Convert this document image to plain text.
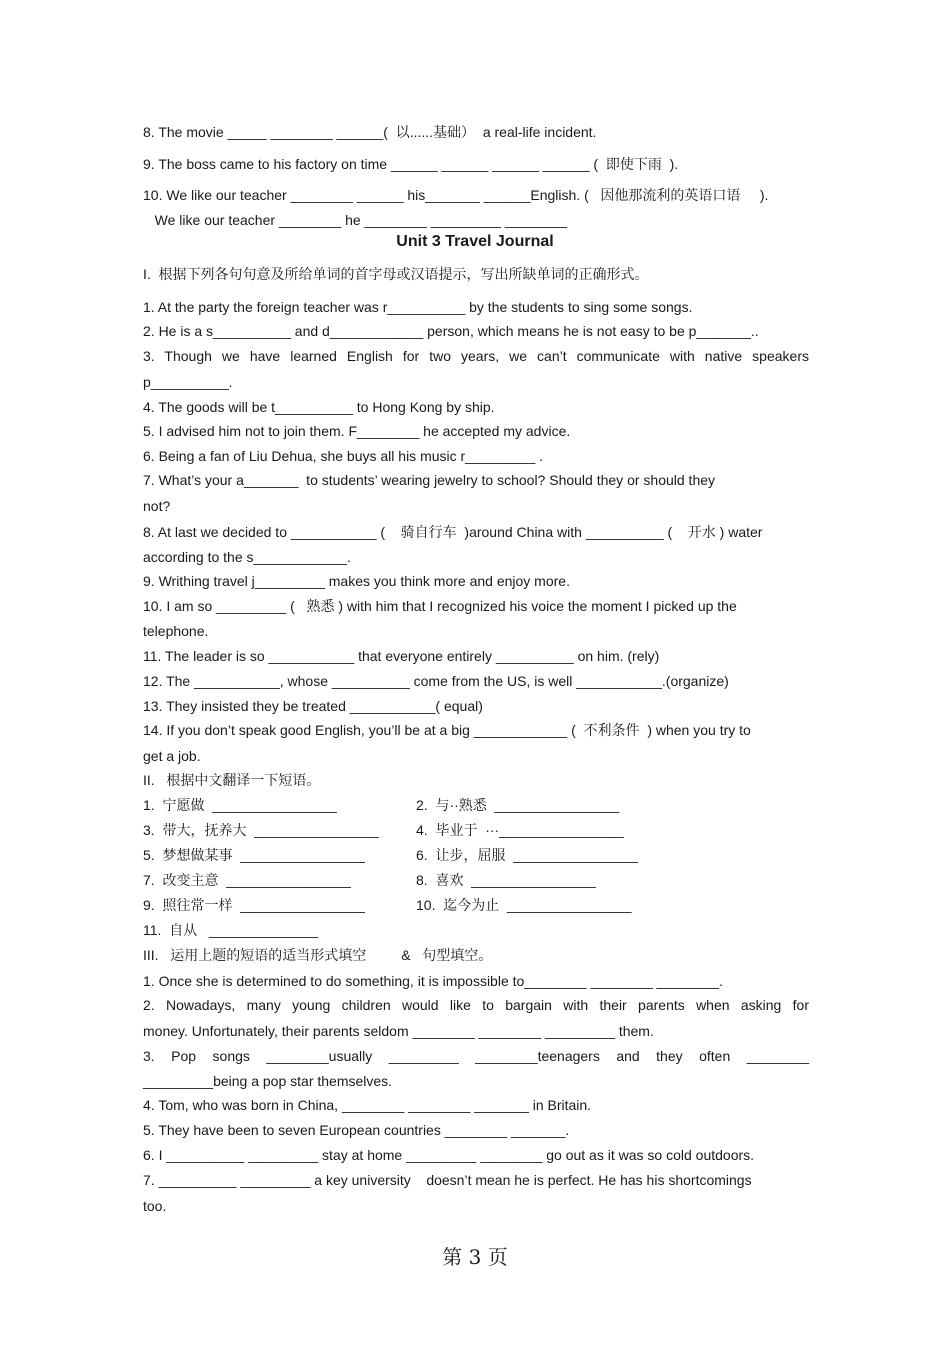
8. The movie _____ ________ ______(  以......基础）  a real-life incident.
9. The boss came to his factory on time ______ ______ ______ ______ (  即使下雨  ).
10. We like our teacher ________ ______ his_______ ______English. (   因他那流利的英语口语     ).
We like our teacher ________ he ________ _________ ________
Unit 3 Travel Journal
I.  根据下列各句句意及所给单词的首字母或汉语提示，写出所缺单词的正确形式。
1. At the party the foreign teacher was r__________ by the students to sing some songs.
2. He is a s__________ and d____________ person, which means he is not easy to be p_______..
3. Though we have learned English for two years, we can’t communicate with native speakers
p__________.
4. The goods will be t__________ to Hong Kong by ship.
5. I advised him not to join them. F________ he accepted my advice.
6. Being a fan of Liu Dehua, she buys all his music r_________ .
7. What’s your a_______  to students’ wearing jewelry to school? Should they or should they
not?
8. At last we decided to ___________ (    骑自行车  )around China with __________ (    开水 ) water
according to the s____________.
9. Writhing travel j_________ makes you think more and enjoy more.
10. I am so _________ (   熟悉 ) with him that I recognized his voice the moment I picked up the
telephone.
11. The leader is so ___________ that everyone entirely __________ on him. (rely)
12. The ___________, whose __________ come from the US, is well ___________.(organize)
13. They insisted they be treated ___________( equal)
14. If you don’t speak good English, you’ll be at a big ____________ (  不利条件  ) when you try to
get a job.
II.   根据中文翻译一下短语。
1.  宁愿做  ________________	2.  与··熟悉  ________________
3.  带大，抚养大  ________________	4.  毕业于  ···________________
5.  梦想做某事  ________________	6.  让步，屈服  ________________
7.  改变主意  ________________	8.  喜欢  ________________
9.  照往常一样  ________________	10.  迄今为止  ________________
11.  自从   ______________
III.   运用上题的短语的适当形式填空         &   句型填空。
1. Once she is determined to do something, it is impossible to________ ________ ________.
2. Nowadays, many young children would like to bargain with their parents when asking for
money. Unfortunately, their parents seldom ________ ________ _________ them.
3. Pop songs ________usually _________ ________teenagers and they often ________
_________being a pop star themselves.
4. Tom, who was born in China, ________ ________ _______ in Britain.
5. They have been to seven European countries ________ _______.
6. I __________ _________ stay at home _________ ________ go out as it was so cold outdoors.
7. __________ _________ a key university    doesn’t mean he is perfect. He has his shortcomings
too.
第 3 页
